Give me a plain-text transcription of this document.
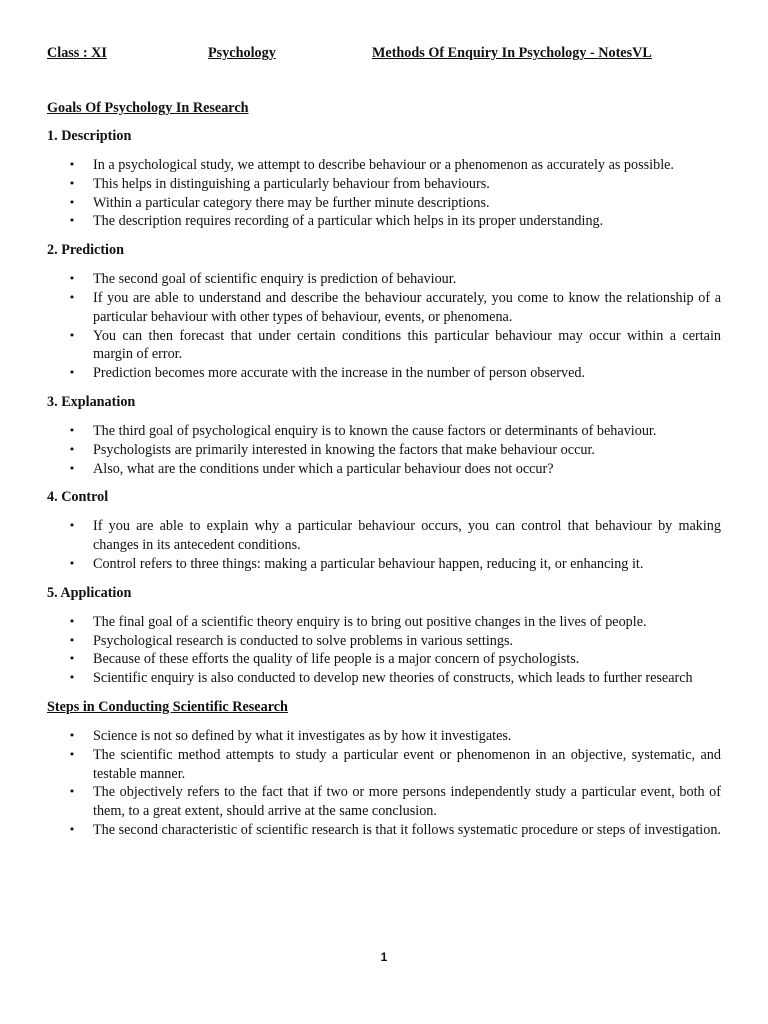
Class : XI	Psychology	Methods Of Enquiry In Psychology - NotesVL
Goals Of Psychology In Research
1. Description
• In a psychological study, we attempt to describe behaviour or a phenomenon as accurately as possible.
• This helps in distinguishing a particularly behaviour from behaviours.
• Within a particular category there may be further minute descriptions.
• The description requires recording of a particular which helps in its proper understanding.
2. Prediction
• The second goal of scientific enquiry is prediction of behaviour.
• If you are able to understand and describe the behaviour accurately, you come to know the relationship of a particular behaviour with other types of behaviour, events, or phenomena.
• You can then forecast that under certain conditions this particular behaviour may occur within a certain margin of error.
• Prediction becomes more accurate with the increase in the number of person observed.
3. Explanation
• The third goal of psychological enquiry is to known the cause factors or determinants of behaviour.
• Psychologists are primarily interested in knowing the factors that make behaviour occur.
• Also, what are the conditions under which a particular behaviour does not occur?
4. Control
• If you are able to explain why a particular behaviour occurs, you can control that behaviour by making changes in its antecedent conditions.
• Control refers to three things: making a particular behaviour happen, reducing it, or enhancing it.
5. Application
• The final goal of a scientific theory enquiry is to bring out positive changes in the lives of people.
• Psychological research is conducted to solve problems in various settings.
• Because of these efforts the quality of life people is a major concern of psychologists.
• Scientific enquiry is also conducted to develop new theories of constructs, which leads to further research
Steps in Conducting Scientific Research
• Science is not so defined by what it investigates as by how it investigates.
• The scientific method attempts to study a particular event or phenomenon in an objective, systematic, and testable manner.
• The objectively refers to the fact that if two or more persons independently study a particular event, both of them, to a great extent, should arrive at the same conclusion.
• The second characteristic of scientific research is that it follows systematic procedure or steps of investigation.
1
